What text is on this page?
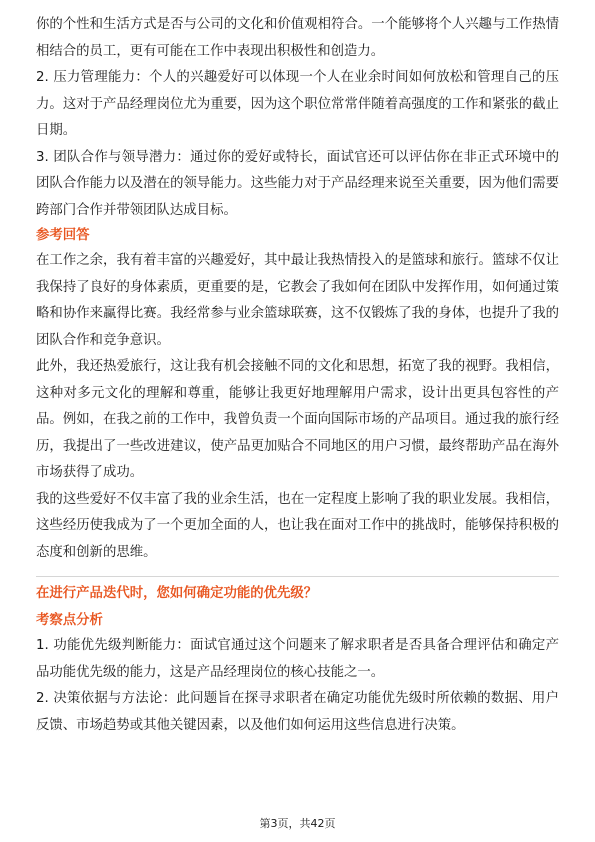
你的个性和生活方式是否与公司的文化和价值观相符合。一个能够将个人兴趣与工作热情相结合的员工，更有可能在工作中表现出积极性和创造力。

2. 压力管理能力：个人的兴趣爱好可以体现一个人在业余时间如何放松和管理自己的压力。这对于产品经理岗位尤为重要，因为这个职位常常伴随着高强度的工作和紧张的截止日期。

3. 团队合作与领导潜力：通过你的爱好或特长，面试官还可以评估你在非正式环境中的团队合作能力以及潜在的领导能力。这些能力对于产品经理来说至关重要，因为他们需要跨部门合作并带领团队达成目标。

参考回答

在工作之余，我有着丰富的兴趣爱好，其中最让我热情投入的是篮球和旅行。篮球不仅让我保持了良好的身体素质，更重要的是，它教会了我如何在团队中发挥作用，如何通过策略和协作来赢得比赛。我经常参与业余篮球联赛，这不仅锻炼了我的身体，也提升了我的团队合作和竞争意识。

此外，我还热爱旅行，这让我有机会接触不同的文化和思想，拓宽了我的视野。我相信，这种对多元文化的理解和尊重，能够让我更好地理解用户需求，设计出更具包容性的产品。例如，在我之前的工作中，我曾负责一个面向国际市场的产品项目。通过我的旅行经历，我提出了一些改进建议，使产品更加贴合不同地区的用户习惯，最终帮助产品在海外市场获得了成功。

我的这些爱好不仅丰富了我的业余生活，也在一定程度上影响了我的职业发展。我相信，这些经历使我成为了一个更加全面的人，也让我在面对工作中的挑战时，能够保持积极的态度和创新的思维。

在进行产品迭代时，您如何确定功能的优先级？

考察点分析

1. 功能优先级判断能力：面试官通过这个问题来了解求职者是否具备合理评估和确定产品功能优先级的能力，这是产品经理岗位的核心技能之一。

2. 决策依据与方法论：此问题旨在探寻求职者在确定功能优先级时所依赖的数据、用户反馈、市场趋势或其他关键因素，以及他们如何运用这些信息进行决策。

第3页，共42页
